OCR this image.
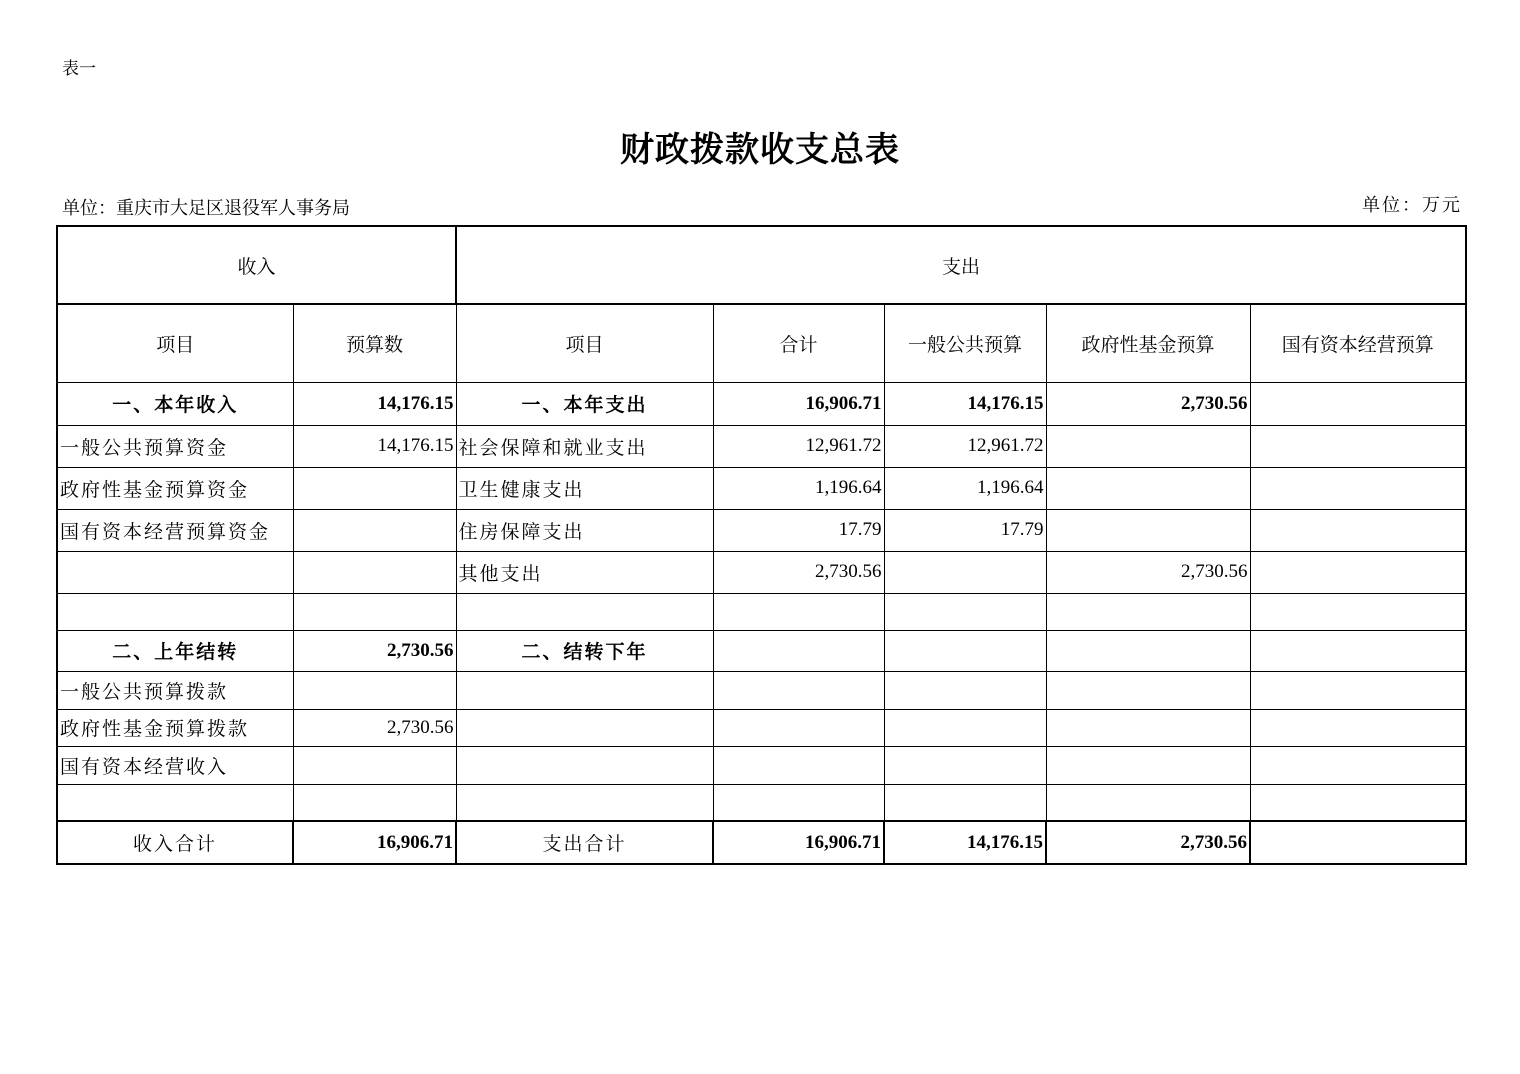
表一
财政拨款收支总表
单位：重庆市大足区退役军人事务局	单位：万元
收入		支出				
项目	预算数	项目	合计	一般公共预算	政府性基金预算	国有资本经营预算
一、本年收入	14,176.15	一、本年支出	16,906.71	14,176.15	2,730.56	
一般公共预算资金	14,176.15	社会保障和就业支出	12,961.72	12,961.72		
政府性基金预算资金		卫生健康支出	1,196.64	1,196.64		
国有资本经营预算资金		住房保障支出	17.79	17.79		
		其他支出	2,730.56		2,730.56	

二、上年结转	2,730.56	二、结转下年				
一般公共预算拨款						
政府性基金预算拨款	2,730.56					
国有资本经营收入						

收入合计	16,906.71	支出合计	16,906.71	14,176.15	2,730.56	
